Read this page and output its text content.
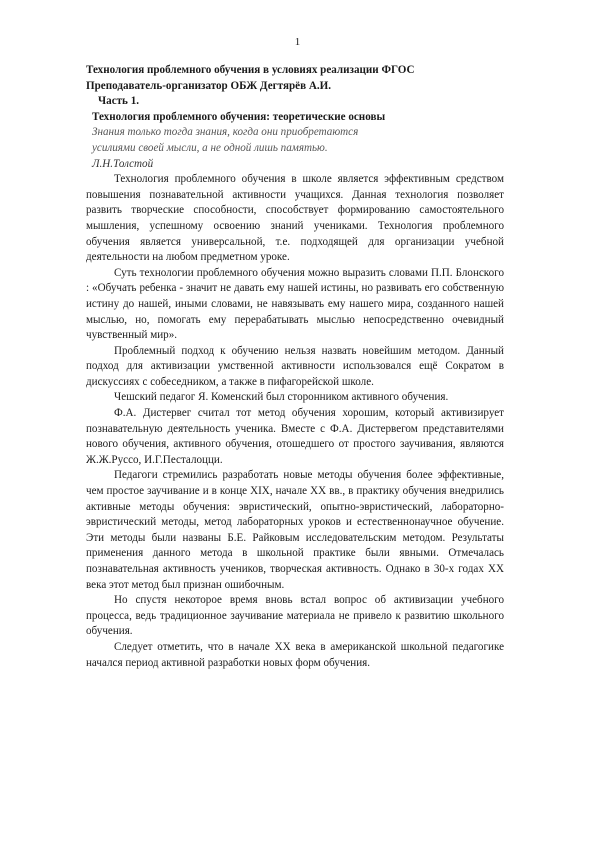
1
Технология проблемного обучения в условиях реализации ФГОС
Преподаватель-организатор ОБЖ Дегтярёв А.И.
Часть 1.
Технология проблемного обучения: теоретические основы
Знания только тогда знания, когда они приобретаются
усилиями своей мысли, а не одной лишь памятью.
Л.Н.Толстой

Технология проблемного обучения в школе является эффективным средством повышения познавательной активности учащихся. Данная технология позволяет развить творческие способности, способствует формированию самостоятельного мышления, успешному освоению знаний учениками. Технология проблемного обучения является универсальной, т.е. подходящей для организации учебной деятельности на любом предметном уроке.

Суть технологии проблемного обучения можно выразить словами П.П. Блонского : «Обучать ребенка - значит не давать ему нашей истины, но развивать его собственную истину до нашей, иными словами, не навязывать ему нашего мира, созданного нашей мыслью, но, помогать ему перерабатывать мыслью непосредственно очевидный чувственный мир».

Проблемный подход к обучению нельзя назвать новейшим методом. Данный подход для активизации умственной активности использовался ещё Сократом в дискуссиях с собеседником, а также в пифагорейской школе.

Чешский педагог Я. Коменский был сторонником активного обучения.

Ф.А. Дистервег считал тот метод обучения хорошим, который активизирует познавательную деятельность ученика. Вместе с Ф.А. Дистервегом представителями нового обучения, активного обучения, отошедшего от простого заучивания, являются Ж.Ж.Руссо, И.Г.Песталоцци.

Педагоги стремились разработать новые методы обучения более эффективные, чем простое заучивание и в конце XIX, начале XX вв., в практику обучения внедрились активные методы обучения: эвристический, опытно-эвристический, лабораторно-эвристический методы, метод лабораторных уроков и естественнонаучное обучение. Эти методы были названы Б.Е. Райковым исследовательским методом. Результаты применения данного метода в школьной практике были явными. Отмечалась познавательная активность учеников, творческая активность. Однако в 30-х годах XX века этот метод был признан ошибочным.

Но спустя некоторое время вновь встал вопрос об активизации учебного процесса, ведь традиционное заучивание материала не привело к развитию школьного обучения.

Следует отметить, что в начале XX века в американской школьной педагогике начался период активной разработки новых форм обучения.
